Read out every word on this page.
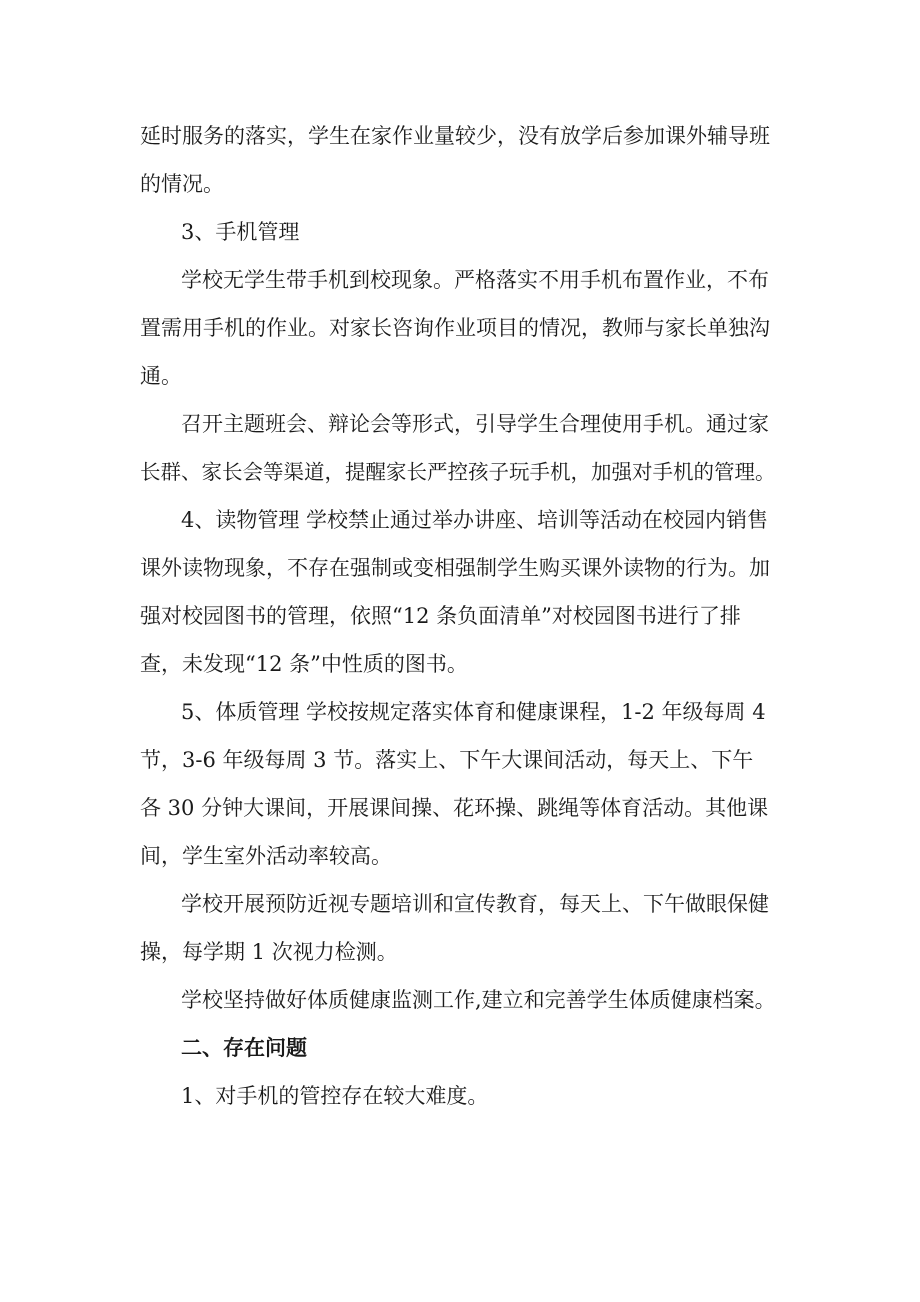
延时服务的落实，学生在家作业量较少，没有放学后参加课外辅导班

的情况。

3、手机管理

学校无学生带手机到校现象。严格落实不用手机布置作业，不布

置需用手机的作业。对家长咨询作业项目的情况，教师与家长单独沟

通。

召开主题班会、辩论会等形式，引导学生合理使用手机。通过家

长群、家长会等渠道，提醒家长严控孩子玩手机，加强对手机的管理。

4、读物管理 学校禁止通过举办讲座、培训等活动在校园内销售

课外读物现象，不存在强制或变相强制学生购买课外读物的行为。加

强对校园图书的管理，依照“12 条负面清单”对校园图书进行了排

查，未发现“12 条”中性质的图书。

5、体质管理 学校按规定落实体育和健康课程，1-2 年级每周 4

节，3-6 年级每周 3 节。落实上、下午大课间活动，每天上、下午

各 30 分钟大课间，开展课间操、花环操、跳绳等体育活动。其他课

间，学生室外活动率较高。

学校开展预防近视专题培训和宣传教育，每天上、下午做眼保健

操，每学期 1 次视力检测。

学校坚持做好体质健康监测工作,建立和完善学生体质健康档案。

二、存在问题

1、对手机的管控存在较大难度。
